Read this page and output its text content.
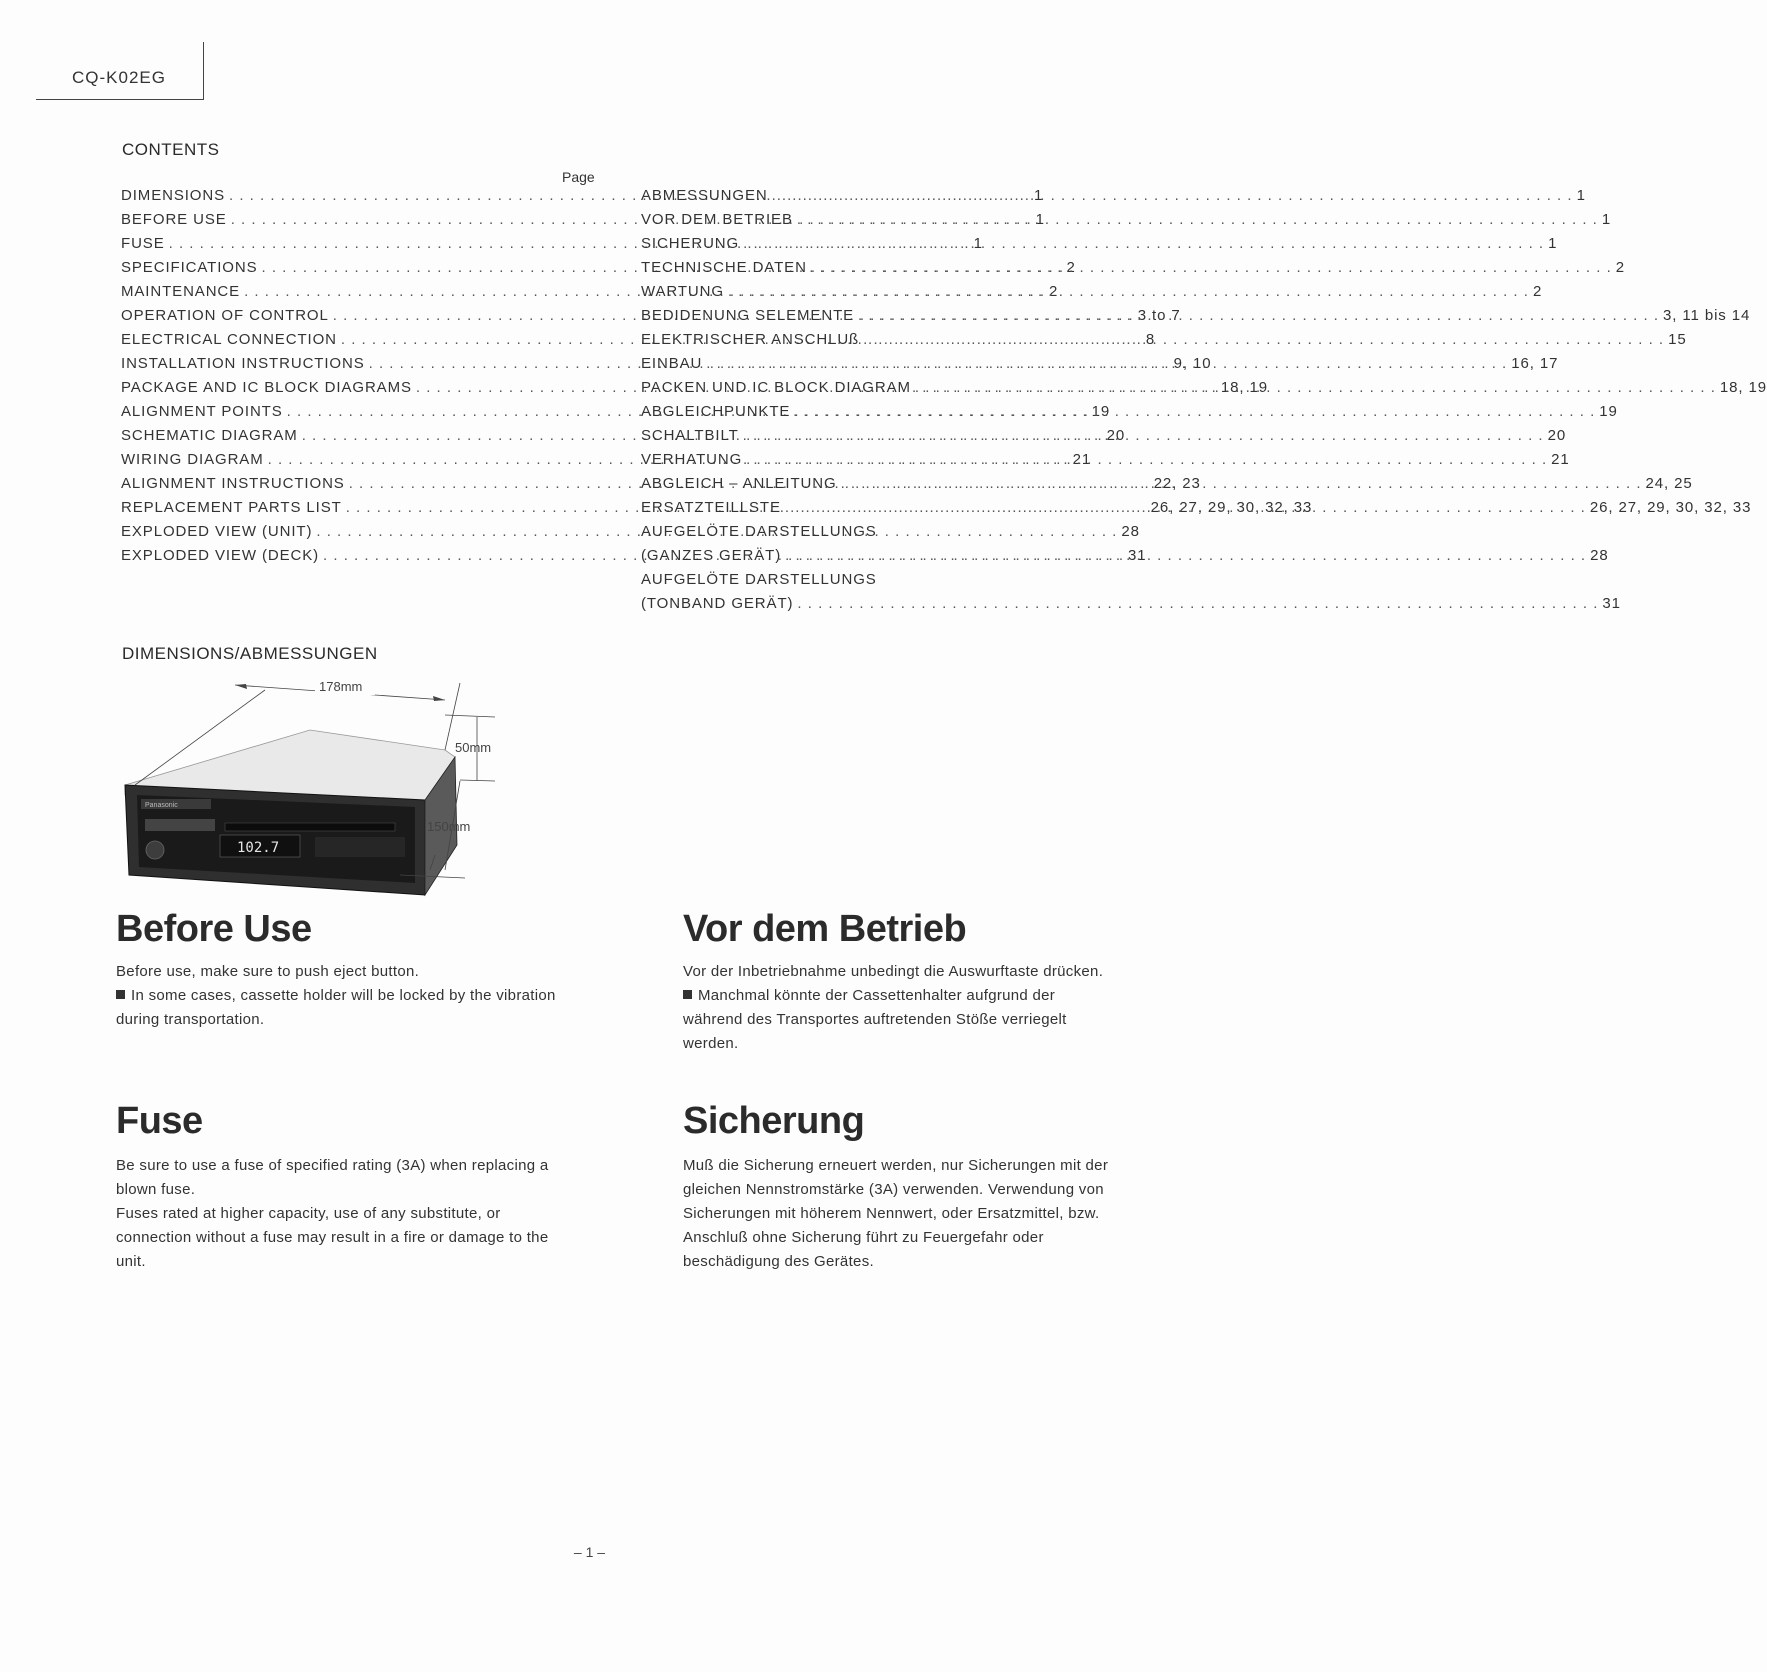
CQ-K02EG
CONTENTS
Page
DIMENSIONS . . .	1
BEFORE USE . . .	1
FUSE . . .	1
SPECIFICATIONS . . .	2
MAINTENANCE . . .	2
OPERATION OF CONTROL . . .	3 to 7
ELECTRICAL CONNECTION . . .	8
INSTALLATION INSTRUCTIONS . . .	9, 10
PACKAGE AND IC BLOCK DIAGRAMS . . .	18, 19
ALIGNMENT POINTS . . .	19
SCHEMATIC DIAGRAM . . .	20
WIRING DIAGRAM . . .	21
ALIGNMENT INSTRUCTIONS . . .	22, 23
REPLACEMENT PARTS LIST . . .	26, 27, 29, 30, 32, 33
EXPLODED VIEW (UNIT) . . .	28
EXPLODED VIEW (DECK) . . .	31
ABMESSUNGEN . . .	1
VOR DEM BETRIEB . . .	1
SICHERUNG . . .	1
TECHNISCHE DATEN . . .	2
WARTUNG . . .	2
BEDIDENUNG SELEMENTE . . .	3, 11 bis 14
ELEKTRISCHER ANSCHLUß . . .	15
EINBAU . . .	16, 17
PACKEN UND IC BLOCK DIAGRAM . . .	18, 19
ABGLEICHPUNKTE . . .	19
SCHALTBILT . . .	20
VERHATUNG . . .	21
ABGLEICH – ANLEITUNG . . .	24, 25
ERSATZTEILLSTE . . .	26, 27, 29, 30, 32, 33
AUFGELÖTE DARSTELLUNGS
(GANZES GERÄT) . . .	28
AUFGELÖTE DARSTELLUNGS
(TONBAND GERÄT) . . .	31
DIMENSIONS/ABMESSUNGEN
Panasonic
102.7
178mm
50mm
150mm
Before Use

Before use, make sure to push eject button.

In some cases, cassette holder will be locked by the vibration during transportation.

Vor dem Betrieb

Vor der Inbetriebnahme unbedingt die Auswurftaste drücken.

Manchmal könnte der Cassettenhalter aufgrund der während des Transportes auftretenden Stöße verriegelt werden.

Fuse

Be sure to use a fuse of specified rating (3A) when replacing a blown fuse.

Fuses rated at higher capacity, use of any substitute, or connection without a fuse may result in a fire or damage to the unit.

Sicherung

Muß die Sicherung erneuert werden, nur Sicherungen mit der gleichen Nennstromstärke (3A) verwenden. Verwendung von Sicherungen mit höherem Nennwert, oder Ersatzmittel, bzw. Anschluß ohne Sicherung führt zu Feuergefahr oder beschädigung des Gerätes.

– 1 –
